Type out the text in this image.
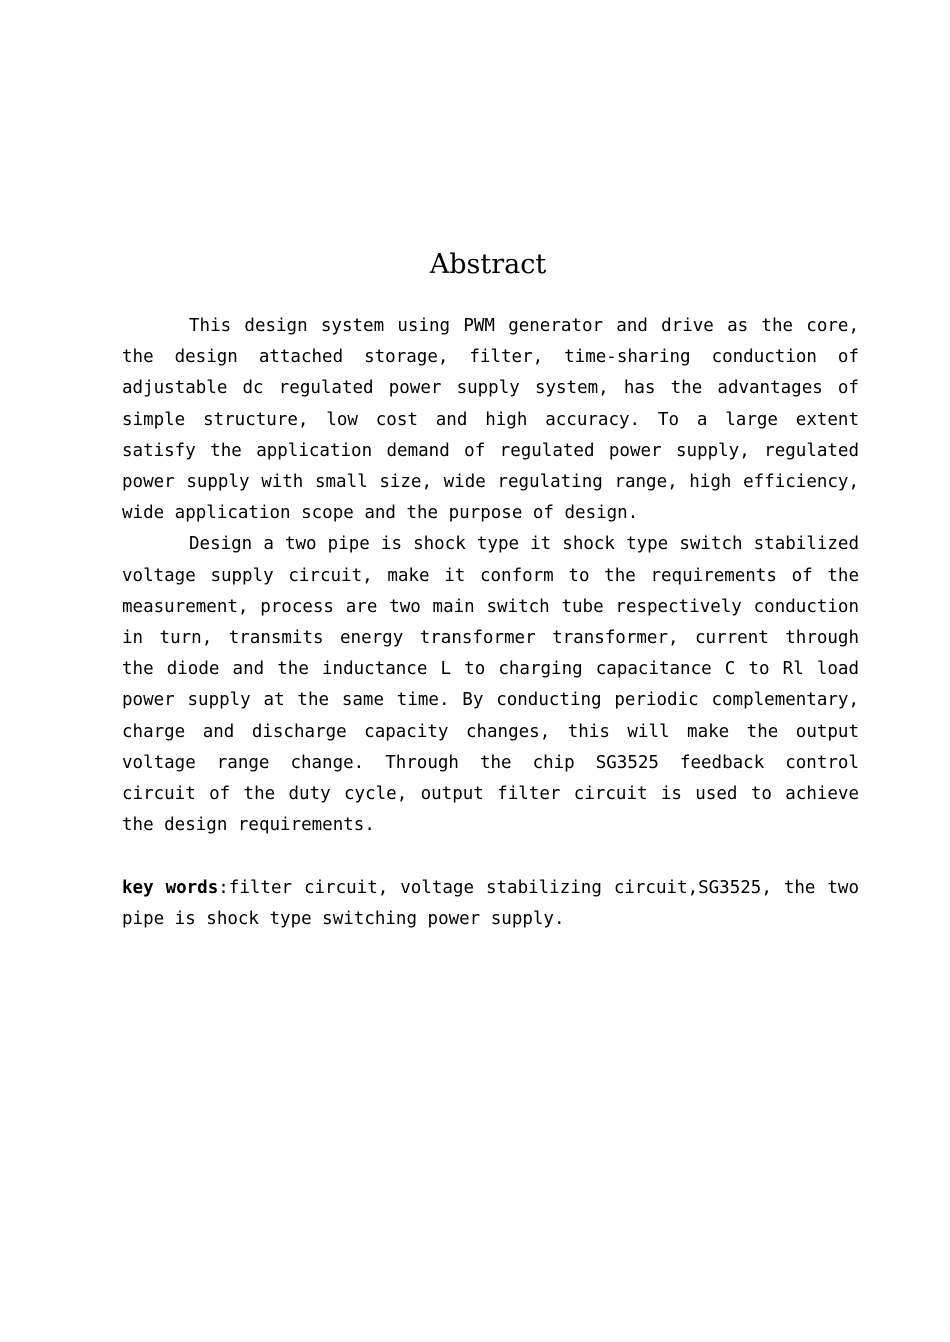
Abstract

This design system using PWM generator and drive as the core, the design attached storage, filter, time-sharing conduction of adjustable dc regulated power supply system, has the advantages of simple structure, low cost and high accuracy. To a large extent satisfy the application demand of regulated power supply, regulated power supply with small size, wide regulating range, high efficiency, wide application scope and the purpose of design.

Design a two pipe is shock type it shock type switch stabilized voltage supply circuit, make it conform to the requirements of the measurement, process are two main switch tube respectively conduction in turn, transmits energy transformer transformer, current through the diode and the inductance L to charging capacitance C to Rl load power supply at the same time. By conducting periodic complementary, charge and discharge capacity changes, this will make the output voltage range change. Through the chip SG3525 feedback control circuit of the duty cycle, output filter circuit is used to achieve the design requirements.

key words:filter circuit, voltage stabilizing circuit,SG3525, the two pipe is shock type switching power supply.
